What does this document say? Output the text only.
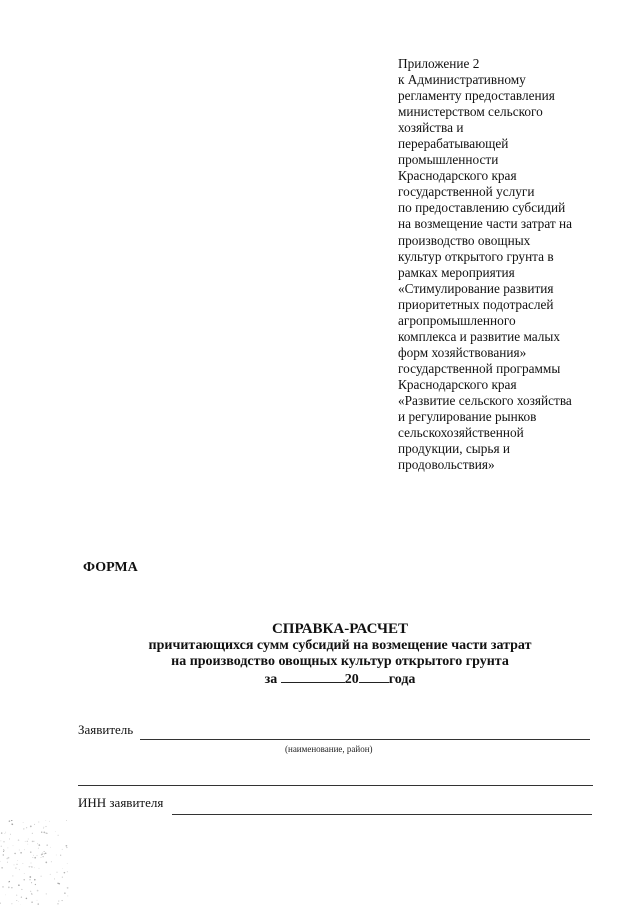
Приложение 2
к Административному
регламенту предоставления
министерством сельского
хозяйства и
перерабатывающей
промышленности
Краснодарского края
государственной услуги
по предоставлению субсидий
на возмещение части затрат на
производство овощных
культур открытого грунта в
рамках мероприятия
«Стимулирование развития
приоритетных подотраслей
агропромышленного
комплекса и развитие малых
форм хозяйствования»
государственной программы
Краснодарского края
«Развитие сельского хозяйства
и регулирование рынков
сельскохозяйственной
продукции, сырья и
продовольствия»
ФОРМА
СПРАВКА-РАСЧЕТ
причитающихся сумм субсидий на возмещение части затрат
на производство овощных культур открытого грунта
за	20 года
Заявитель
(наименование, район)
ИНН заявителя
